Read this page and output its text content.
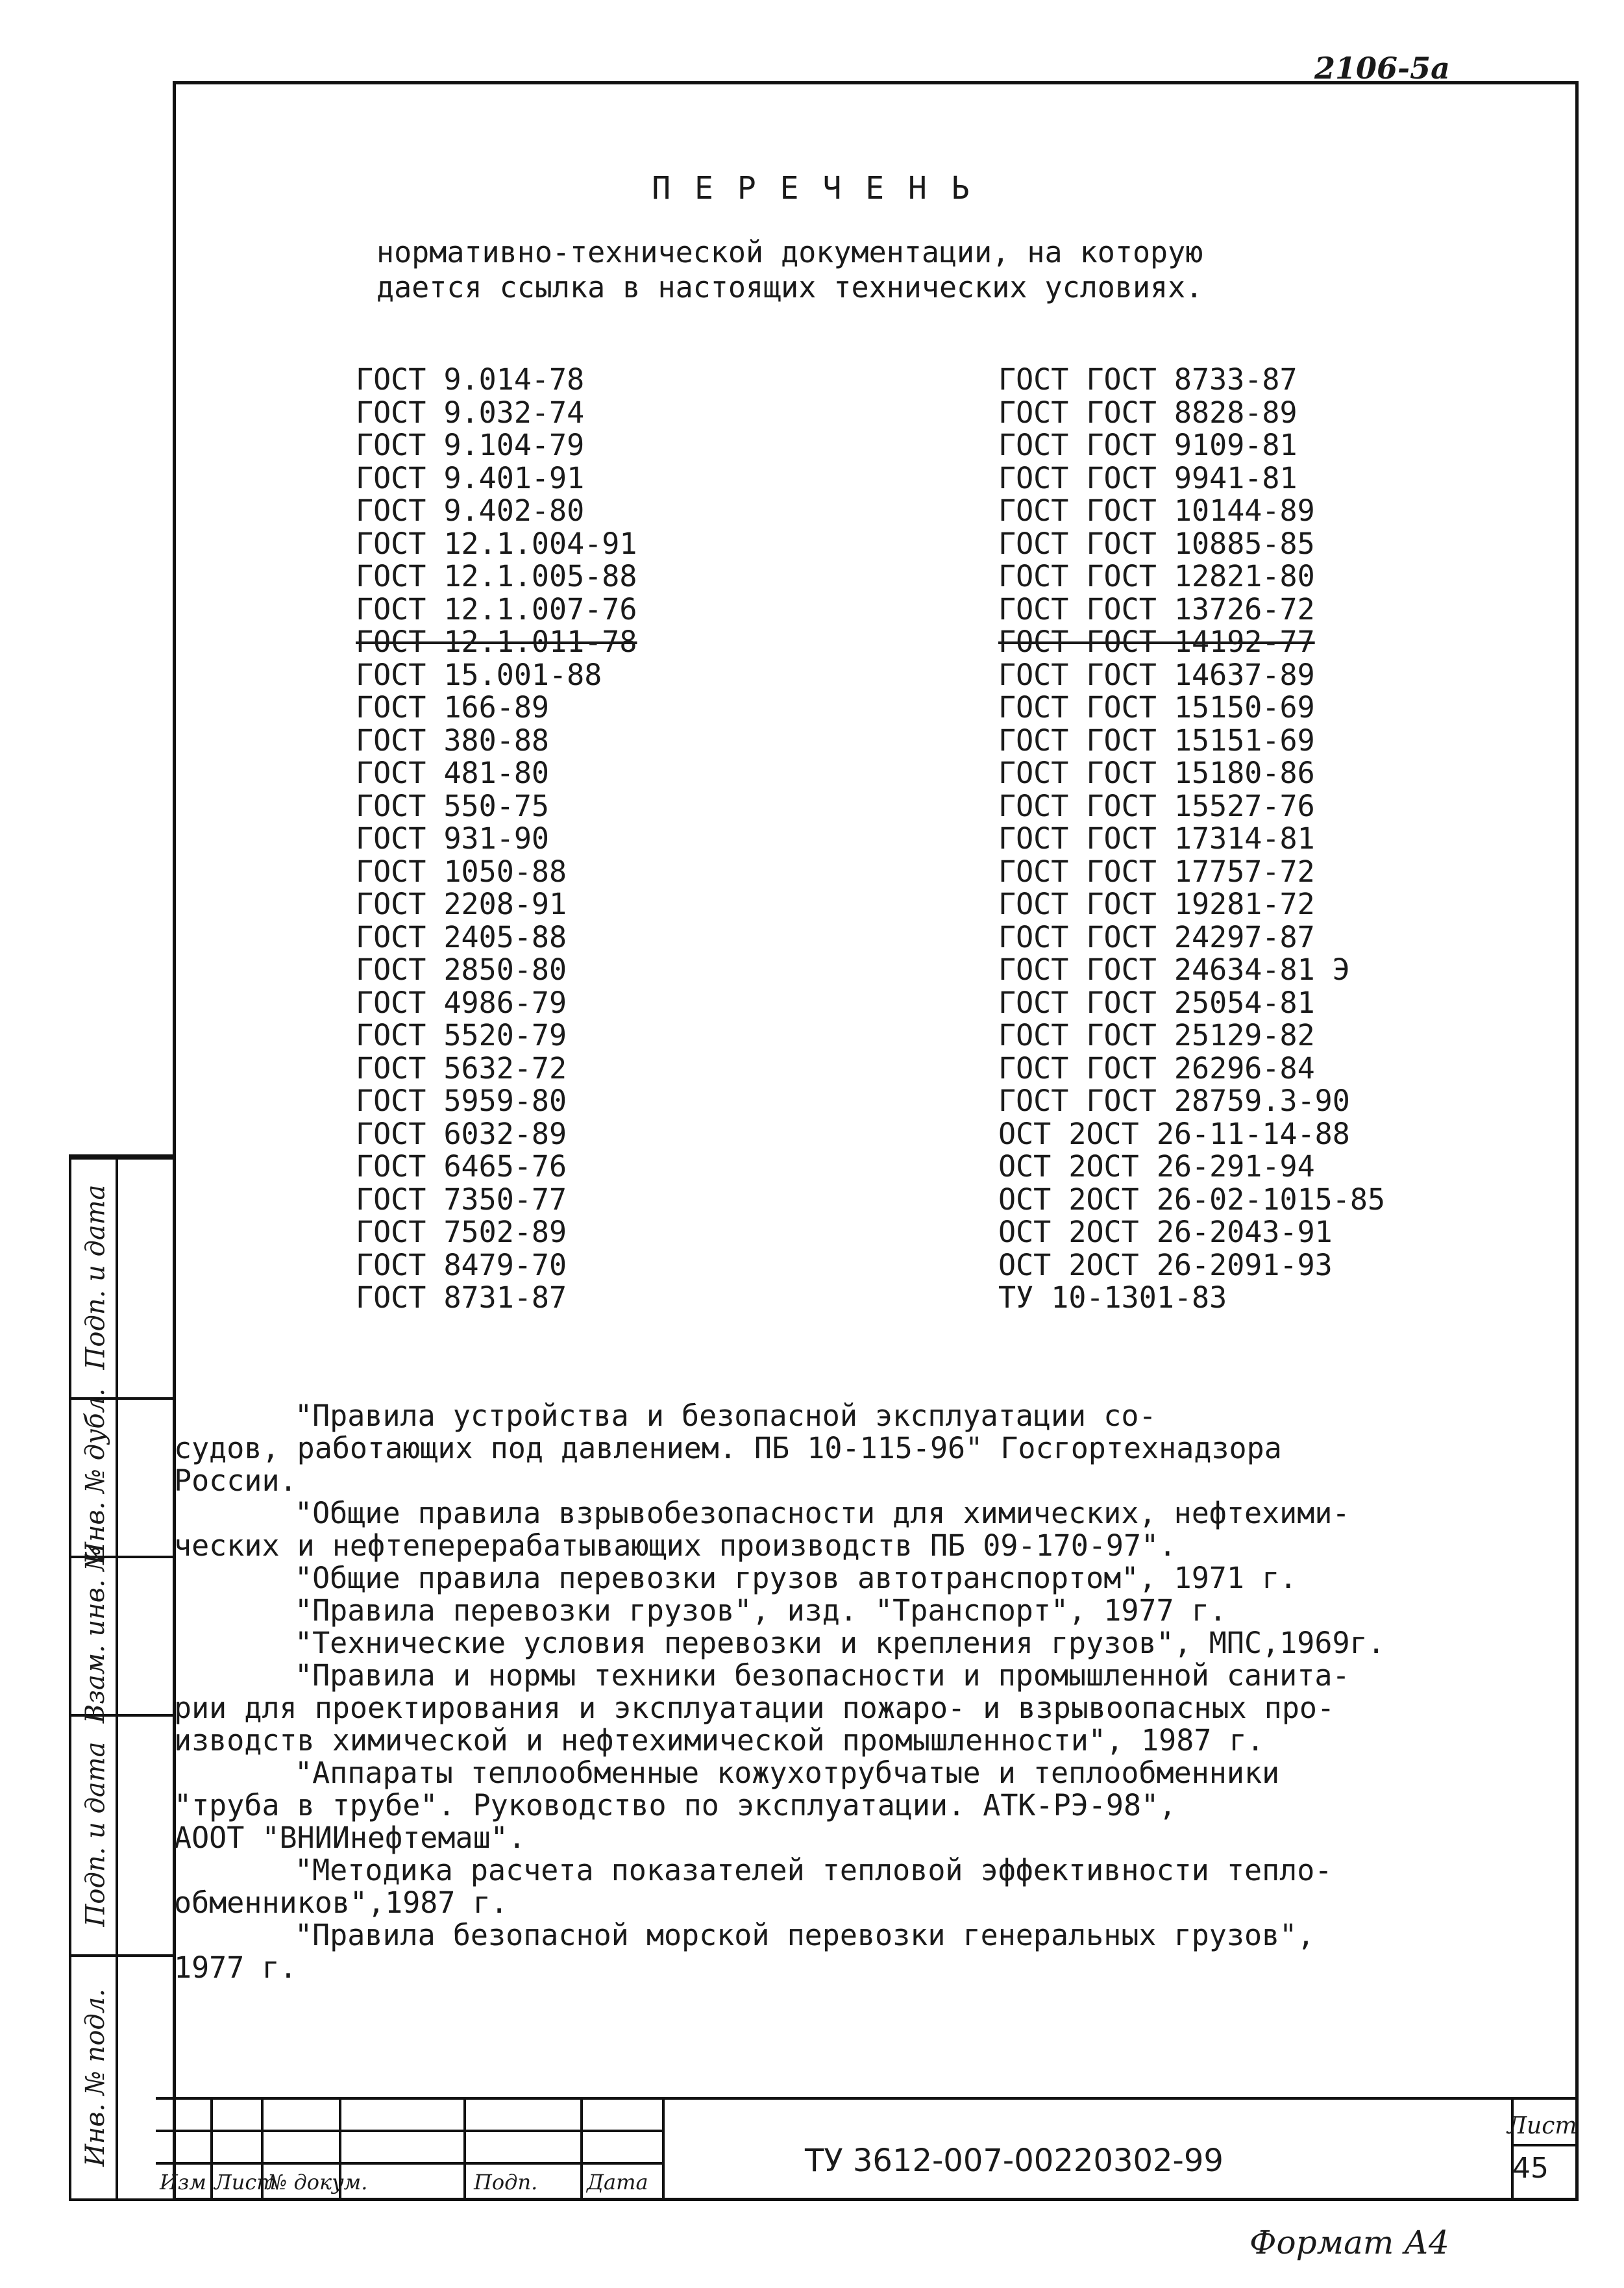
2106-5а
Подп. и дата
Инв. № дубл.
Взам. инв. №
Подп. и дата
Инв. № подл.
П Е Р Е Ч Е Н Ь
нормативно-технической документации, на которую
дается ссылка в настоящих технических условиях.
ГОСТ 9.014-78
ГОСТ 9.032-74
ГОСТ 9.104-79
ГОСТ 9.401-91
ГОСТ 9.402-80
ГОСТ 12.1.004-91
ГОСТ 12.1.005-88
ГОСТ 12.1.007-76
ГОСТ 12.1.011-78
ГОСТ 15.001-88
ГОСТ 166-89
ГОСТ 380-88
ГОСТ 481-80
ГОСТ 550-75
ГОСТ 931-90
ГОСТ 1050-88
ГОСТ 2208-91
ГОСТ 2405-88
ГОСТ 2850-80
ГОСТ 4986-79
ГОСТ 5520-79
ГОСТ 5632-72
ГОСТ 5959-80
ГОСТ 6032-89
ГОСТ 6465-76
ГОСТ 7350-77
ГОСТ 7502-89
ГОСТ 8479-70
ГОСТ 8731-87
ГОСТ ГОСТ 8733-87
ГОСТ ГОСТ 8828-89
ГОСТ ГОСТ 9109-81
ГОСТ ГОСТ 9941-81
ГОСТ ГОСТ 10144-89
ГОСТ ГОСТ 10885-85
ГОСТ ГОСТ 12821-80
ГОСТ ГОСТ 13726-72
ГОСТ ГОСТ 14192-77
ГОСТ ГОСТ 14637-89
ГОСТ ГОСТ 15150-69
ГОСТ ГОСТ 15151-69
ГОСТ ГОСТ 15180-86
ГОСТ ГОСТ 15527-76
ГОСТ ГОСТ 17314-81
ГОСТ ГОСТ 17757-72
ГОСТ ГОСТ 19281-72
ГОСТ ГОСТ 24297-87
ГОСТ ГОСТ 24634-81 Э
ГОСТ ГОСТ 25054-81
ГОСТ ГОСТ 25129-82
ГОСТ ГОСТ 26296-84
ГОСТ ГОСТ 28759.3-90
ОСТ 2ОСТ 26-11-14-88
ОСТ 2ОСТ 26-291-94
ОСТ 2ОСТ 26-02-1015-85
ОСТ 2ОСТ 26-2043-91
ОСТ 2ОСТ 26-2091-93
ТУ 10-1301-83

"Правила устройства и безопасной эксплуатации со-

судов, работающих под давлением. ПБ 10-115-96" Госгортехнадзора

России.

"Общие правила взрывобезопасности для химических, нефтехими-

ческих и нефтеперерабатывающих производств ПБ 09-170-97".

"Общие правила перевозки грузов автотранспортом", 1971 г.

"Правила перевозки грузов", изд. "Транспорт", 1977 г.

"Технические условия перевозки и крепления грузов", МПС,1969г.

"Правила и нормы техники безопасности и промышленной санита-

рии для проектирования и эксплуатации пожаро- и взрывоопасных про-

изводств химической и нефтехимической промышленности", 1987 г.

"Аппараты теплообменные кожухотрубчатые и теплообменники

"труба в трубе". Руководство по эксплуатации. АТК-РЭ-98",

АООТ "ВНИИнефтемаш".

"Методика расчета показателей тепловой эффективности тепло-

обменников",1987 г.

"Правила безопасной морской перевозки генеральных грузов",

1977 г.

Изм Лист
№ докум.	Подп. Дата
ТУ 3612-007-00220302-99
Лист
45
Формат А4
